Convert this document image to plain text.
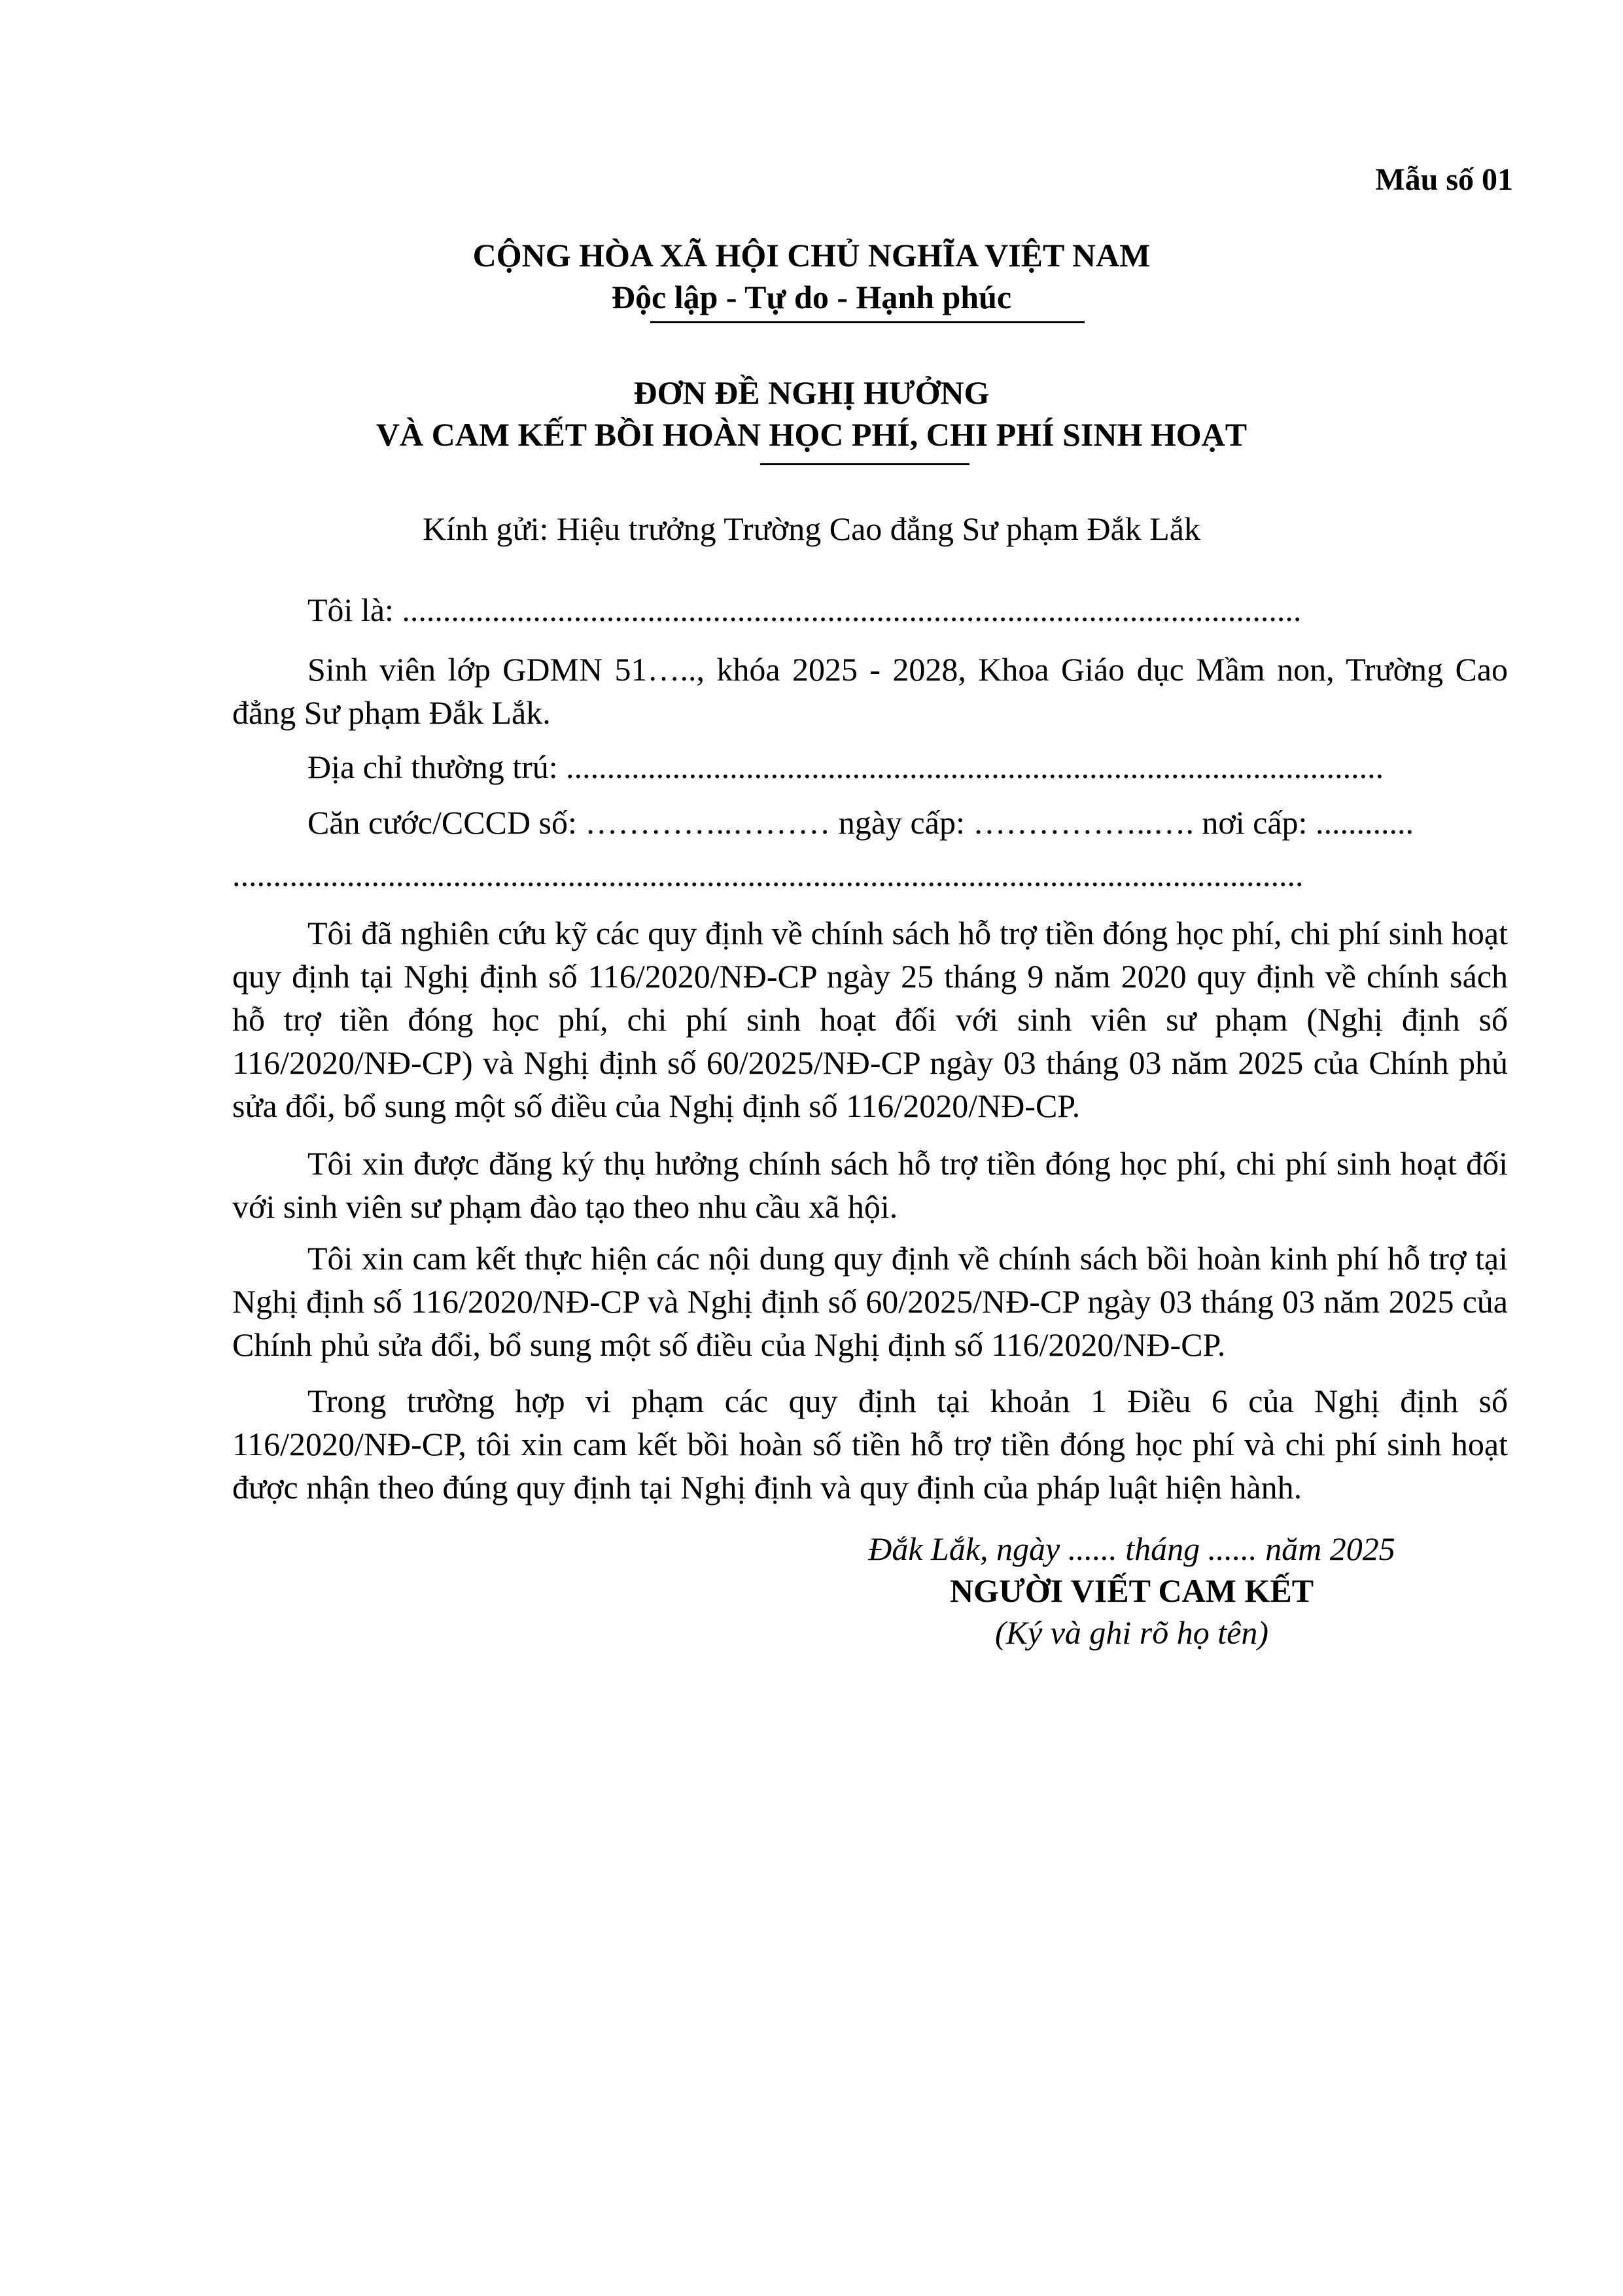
Mẫu số 01
CỘNG HÒA XÃ HỘI CHỦ NGHĨA VIỆT NAM
Độc lập - Tự do - Hạnh phúc
ĐƠN ĐỀ NGHỊ HƯỞNG
VÀ CAM KẾT BỒI HOÀN HỌC PHÍ, CHI PHÍ SINH HOẠT
Kính gửi: Hiệu trưởng Trường Cao đẳng Sư phạm Đắk Lắk
Tôi là: ..............................................................................................................
Sinh viên lớp GDMN 51….., khóa 2025 - 2028, Khoa Giáo dục Mầm non, Trường Cao đẳng Sư phạm Đắk Lắk.
Địa chỉ thường trú: ....................................................................................................
Căn cước/CCCD số: …………..……… ngày cấp: ……………..…. nơi cấp: ............
...................................................................................................................................
Tôi đã nghiên cứu kỹ các quy định về chính sách hỗ trợ tiền đóng học phí, chi phí sinh hoạt quy định tại Nghị định số 116/2020/NĐ-CP ngày 25 tháng 9 năm 2020 quy định về chính sách hỗ trợ tiền đóng học phí, chi phí sinh hoạt đối với sinh viên sư phạm (Nghị định số 116/2020/NĐ-CP) và Nghị định số 60/2025/NĐ-CP ngày 03 tháng 03 năm 2025 của Chính phủ sửa đổi, bổ sung một số điều của Nghị định số 116/2020/NĐ-CP.
Tôi xin được đăng ký thụ hưởng chính sách hỗ trợ tiền đóng học phí, chi phí sinh hoạt đối với sinh viên sư phạm đào tạo theo nhu cầu xã hội.
Tôi xin cam kết thực hiện các nội dung quy định về chính sách bồi hoàn kinh phí hỗ trợ tại Nghị định số 116/2020/NĐ-CP và Nghị định số 60/2025/NĐ-CP ngày 03 tháng 03 năm 2025 của Chính phủ sửa đổi, bổ sung một số điều của Nghị định số 116/2020/NĐ-CP.
Trong trường hợp vi phạm các quy định tại khoản 1 Điều 6 của Nghị định số 116/2020/NĐ-CP, tôi xin cam kết bồi hoàn số tiền hỗ trợ tiền đóng học phí và chi phí sinh hoạt được nhận theo đúng quy định tại Nghị định và quy định của pháp luật hiện hành.
Đắk Lắk, ngày ...... tháng ...... năm 2025
NGƯỜI VIẾT CAM KẾT
(Ký và ghi rõ họ tên)
